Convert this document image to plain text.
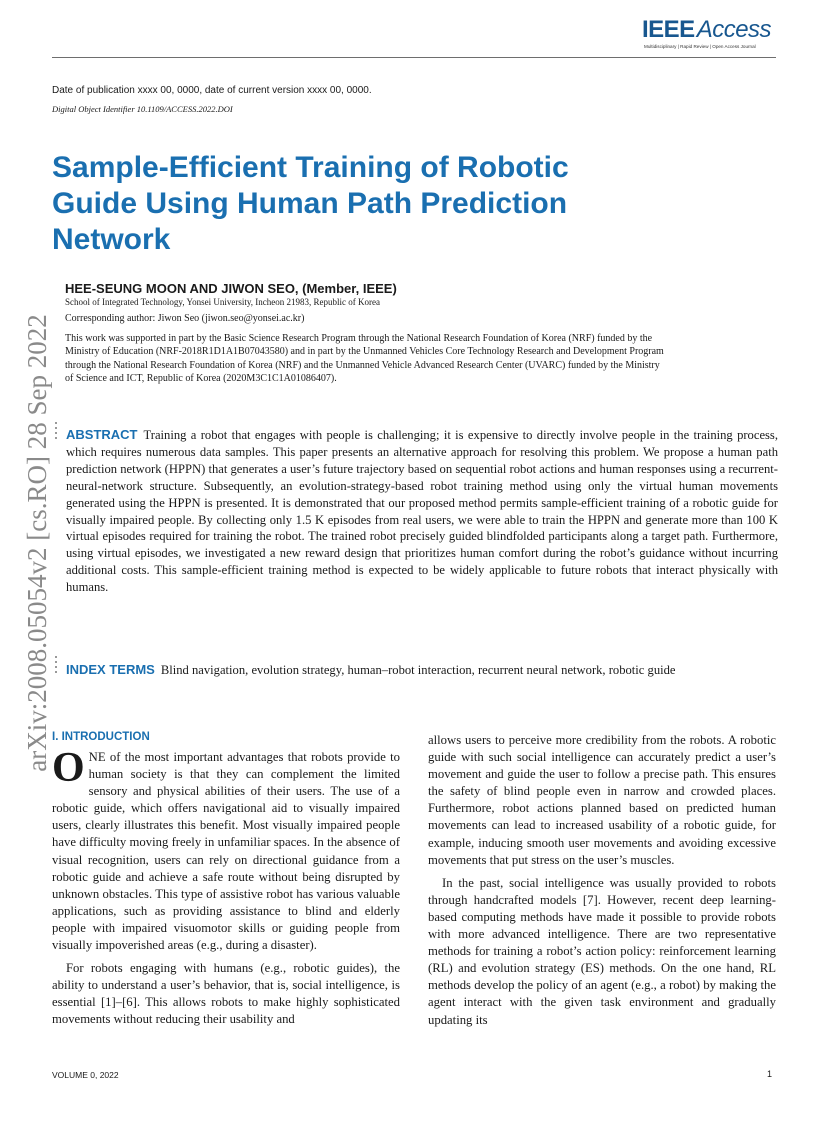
IEEEAccess
Multidisciplinary | Rapid Review | Open Access Journal
Date of publication xxxx 00, 0000, date of current version xxxx 00, 0000.
Digital Object Identifier 10.1109/ACCESS.2022.DOI
Sample-Efficient Training of Robotic Guide Using Human Path Prediction Network
arXiv:2008.05054v2 [cs.RO] 28 Sep 2022
HEE-SEUNG MOON AND JIWON SEO, (Member, IEEE)
School of Integrated Technology, Yonsei University, Incheon 21983, Republic of Korea
Corresponding author: Jiwon Seo (jiwon.seo@yonsei.ac.kr)
This work was supported in part by the Basic Science Research Program through the National Research Foundation of Korea (NRF) funded by the Ministry of Education (NRF-2018R1D1A1B07043580) and in part by the Unmanned Vehicles Core Technology Research and Development Program through the National Research Foundation of Korea (NRF) and the Unmanned Vehicle Advanced Research Center (UVARC) funded by the Ministry of Science and ICT, Republic of Korea (2020M3C1C1A01086407).
ABSTRACT Training a robot that engages with people is challenging; it is expensive to directly involve people in the training process, which requires numerous data samples. This paper presents an alternative approach for resolving this problem. We propose a human path prediction network (HPPN) that generates a user’s future trajectory based on sequential robot actions and human responses using a recurrent-neural-network structure. Subsequently, an evolution-strategy-based robot training method using only the virtual human movements generated using the HPPN is presented. It is demonstrated that our proposed method permits sample-efficient training of a robotic guide for visually impaired people. By collecting only 1.5 K episodes from real users, we were able to train the HPPN and generate more than 100 K virtual episodes required for training the robot. The trained robot precisely guided blindfolded participants along a target path. Furthermore, using virtual episodes, we investigated a new reward design that prioritizes human comfort during the robot’s guidance without incurring additional costs. This sample-efficient training method is expected to be widely applicable to future robots that interact physically with humans.
INDEX TERMS Blind navigation, evolution strategy, human–robot interaction, recurrent neural network, robotic guide
I. INTRODUCTION

ONE of the most important advantages that robots provide to human society is that they can complement the limited sensory and physical abilities of their users. The use of a robotic guide, which offers navigational aid to visually impaired users, clearly illustrates this benefit. Most visually impaired people have difficulty moving freely in unfamiliar spaces. In the absence of visual recognition, users can rely on directional guidance from a robotic guide and achieve a safe route without being disrupted by unknown obstacles. This type of assistive robot has various valuable applications, such as providing assistance to blind and elderly people with impaired visuomotor skills or guiding people from visually impoverished areas (e.g., during a disaster).

For robots engaging with humans (e.g., robotic guides), the ability to understand a user’s behavior, that is, social intelligence, is essential [1]–[6]. This allows robots to make highly sophisticated movements without reducing their usability and

allows users to perceive more credibility from the robots. A robotic guide with such social intelligence can accurately predict a user’s movement and guide the user to follow a precise path. This ensures the safety of blind people even in narrow and crowded places. Furthermore, robot actions planned based on predicted human movements can lead to increased usability of a robotic guide, for example, inducing smooth user movements and avoiding excessive movements that put stress on the user’s muscles.

In the past, social intelligence was usually provided to robots through handcrafted models [7]. However, recent deep learning-based computing methods have made it possible to provide robots with more advanced intelligence. There are two representative methods for training a robot’s action policy: reinforcement learning (RL) and evolution strategy (ES) methods. On the one hand, RL methods develop the policy of an agent (e.g., a robot) by making the agent interact with the given task environment and gradually updating its

VOLUME 0, 2022	1
